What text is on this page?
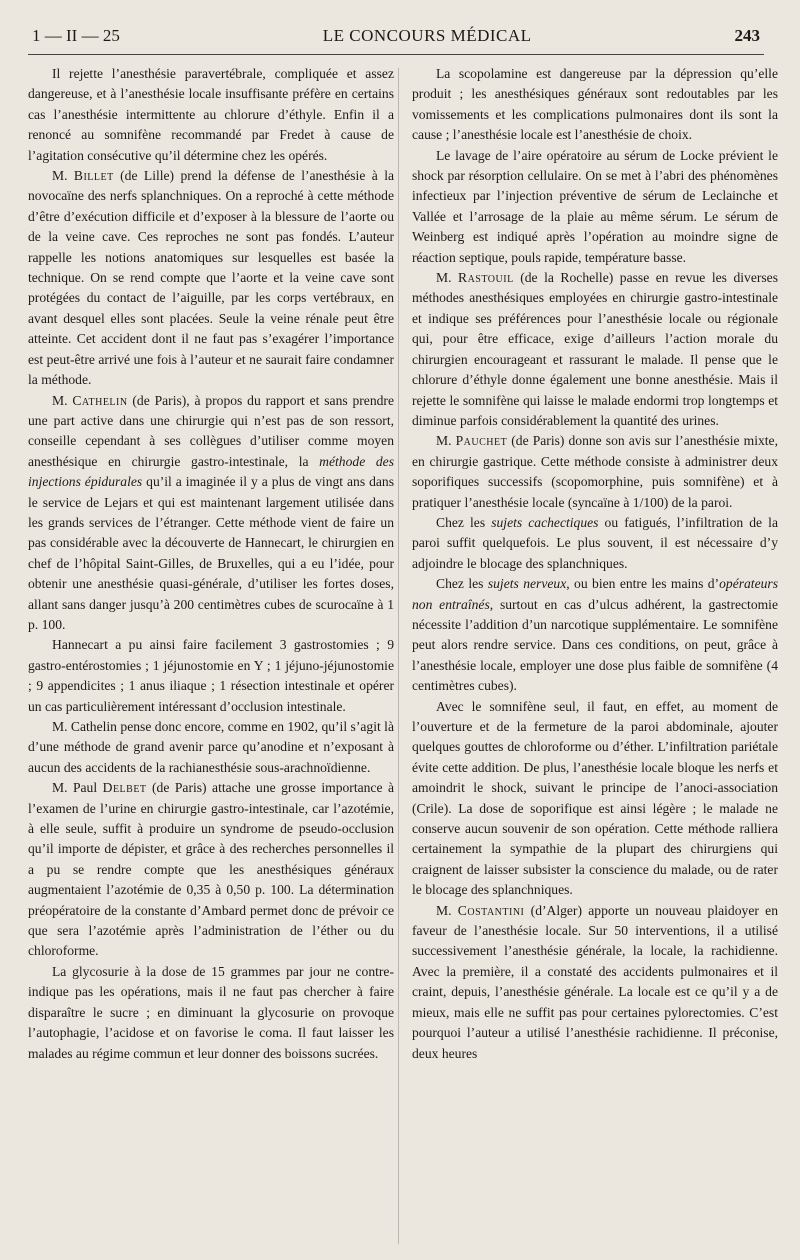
1 — II — 25	LE CONCOURS MÉDICAL	243

Il rejette l’anesthésie paravertébrale, compliquée et assez dangereuse, et à l’anesthésie locale insuffisante préfère en certains cas l’anesthésie intermittente au chlorure d’éthyle. Enfin il a renoncé au somnifène recommandé par Fredet à cause de l’agitation consécutive qu’il détermine chez les opérés.

M. Billet (de Lille) prend la défense de l’anesthésie à la novocaïne des nerfs splanchniques. On a reproché à cette méthode d’être d’exécution difficile et d’exposer à la blessure de l’aorte ou de la veine cave. Ces reproches ne sont pas fondés. L’auteur rappelle les notions anatomiques sur lesquelles est basée la technique. On se rend compte que l’aorte et la veine cave sont protégées du contact de l’aiguille, par les corps vertébraux, en avant desquel elles sont placées. Seule la veine rénale peut être atteinte. Cet accident dont il ne faut pas s’exagérer l’importance est peut-être arrivé une fois à l’auteur et ne saurait faire condamner la méthode.

M. Cathelin (de Paris), à propos du rapport et sans prendre une part active dans une chirurgie qui n’est pas de son ressort, conseille cependant à ses collègues d’utiliser comme moyen anesthésique en chirurgie gastro-intestinale, la méthode des injections épidurales qu’il a imaginée il y a plus de vingt ans dans le service de Lejars et qui est maintenant largement utilisée dans les grands services de l’étranger. Cette méthode vient de faire un pas considérable avec la découverte de Hannecart, le chirurgien en chef de l’hôpital Saint-Gilles, de Bruxelles, qui a eu l’idée, pour obtenir une anesthésie quasi-générale, d’utiliser les fortes doses, allant sans danger jusqu’à 200 centimètres cubes de scurocaïne à 1 p. 100.

Hannecart a pu ainsi faire facilement 3 gastrostomies ; 9 gastro-entérostomies ; 1 jéjunostomie en Y ; 1 jéjuno-jéjunostomie ; 9 appendicites ; 1 anus iliaque ; 1 résection intestinale et opérer un cas particulièrement intéressant d’occlusion intestinale.

M. Cathelin pense donc encore, comme en 1902, qu’il s’agit là d’une méthode de grand avenir parce qu’anodine et n’exposant à aucun des accidents de la rachianesthésie sous-arachnoïdienne.

M. Paul Delbet (de Paris) attache une grosse importance à l’examen de l’urine en chirurgie gastro-intestinale, car l’azotémie, à elle seule, suffit à produire un syndrome de pseudo-occlusion qu’il importe de dépister, et grâce à des recherches personnelles il a pu se rendre compte que les anesthésiques généraux augmentaient l’azotémie de 0,35 à 0,50 p. 100. La détermination préopératoire de la constante d’Ambard permet donc de prévoir ce que sera l’azotémie après l’administration de l’éther ou du chloroforme.

La glycosurie à la dose de 15 grammes par jour ne contre-indique pas les opérations, mais il ne faut pas chercher à faire disparaître le sucre ; en diminuant la glycosurie on provoque l’autophagie, l’acidose et on favorise le coma. Il faut laisser les malades au régime commun et leur donner des boissons sucrées.

La scopolamine est dangereuse par la dépression qu’elle produit ; les anesthésiques généraux sont redoutables par les vomissements et les complications pulmonaires dont ils sont la cause ; l’anesthésie locale est l’anesthésie de choix.

Le lavage de l’aire opératoire au sérum de Locke prévient le shock par résorption cellulaire. On se met à l’abri des phénomènes infectieux par l’injection préventive de sérum de Leclainche et Vallée et l’arrosage de la plaie au même sérum. Le sérum de Weinberg est indiqué après l’opération au moindre signe de réaction septique, pouls rapide, température basse.

M. Rastouil (de la Rochelle) passe en revue les diverses méthodes anesthésiques employées en chirurgie gastro-intestinale et indique ses préférences pour l’anesthésie locale ou régionale qui, pour être efficace, exige d’ailleurs l’action morale du chirurgien encourageant et rassurant le malade. Il pense que le chlorure d’éthyle donne également une bonne anesthésie. Mais il rejette le somnifène qui laisse le malade endormi trop longtemps et diminue parfois considérablement la quantité des urines.

M. Pauchet (de Paris) donne son avis sur l’anesthésie mixte, en chirurgie gastrique. Cette méthode consiste à administrer deux soporifiques successifs (scopomorphine, puis somnifène) et à pratiquer l’anesthésie locale (syncaïne à 1/100) de la paroi.

Chez les sujets cachectiques ou fatigués, l’infiltration de la paroi suffit quelquefois. Le plus souvent, il est nécessaire d’y adjoindre le blocage des splanchniques.

Chez les sujets nerveux, ou bien entre les mains d’opérateurs non entraînés, surtout en cas d’ulcus adhérent, la gastrectomie nécessite l’addition d’un narcotique supplémentaire. Le somnifène peut alors rendre service. Dans ces conditions, on peut, grâce à l’anesthésie locale, employer une dose plus faible de somnifène (4 centimètres cubes).

Avec le somnifène seul, il faut, en effet, au moment de l’ouverture et de la fermeture de la paroi abdominale, ajouter quelques gouttes de chloroforme ou d’éther. L’infiltration pariétale évite cette addition. De plus, l’anesthésie locale bloque les nerfs et amoindrit le shock, suivant le principe de l’anoci-association (Crile). La dose de soporifique est ainsi légère ; le malade ne conserve aucun souvenir de son opération. Cette méthode ralliera certainement la sympathie de la plupart des chirurgiens qui craignent de laisser subsister la conscience du malade, ou de rater le blocage des splanchniques.

M. Costantini (d’Alger) apporte un nouveau plaidoyer en faveur de l’anesthésie locale. Sur 50 interventions, il a utilisé successivement l’anesthésie générale, la locale, la rachidienne. Avec la première, il a constaté des accidents pulmonaires et il craint, depuis, l’anesthésie générale. La locale est ce qu’il y a de mieux, mais elle ne suffit pas pour certaines pylorectomies. C’est pourquoi l’auteur a utilisé l’anesthésie rachidienne. Il préconise, deux heures
